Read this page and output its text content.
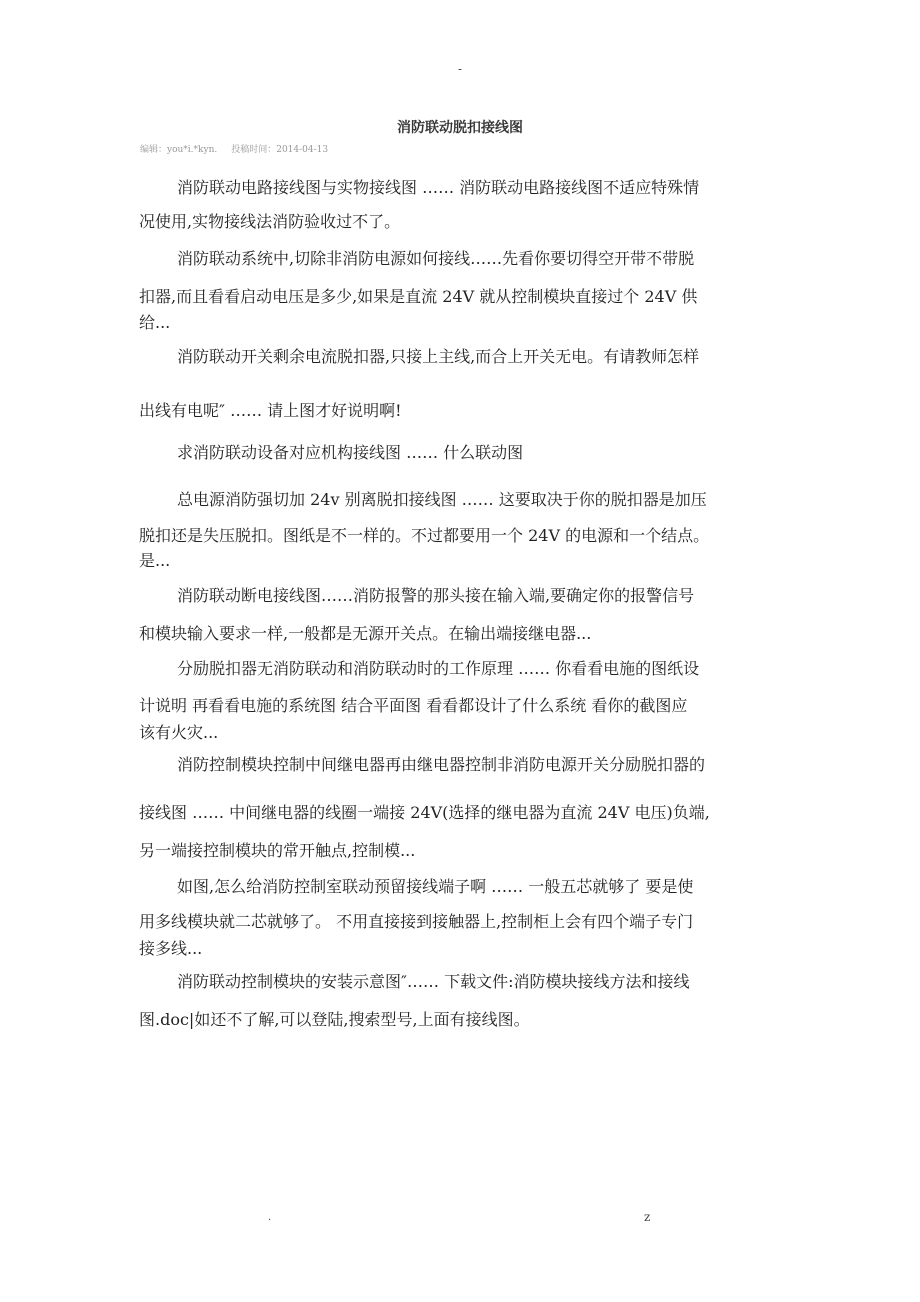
-
消防联动脱扣接线图
编辑：you*i.*kyn. 投稿时间：2014-04-13
消防联动电路接线图与实物接线图 …… 消防联动电路接线图不适应特殊情
况使用,实物接线法消防验收过不了。
消防联动系统中,切除非消防电源如何接线……先看你要切得空开带不带脱
扣器,而且看看启动电压是多少,如果是直流 24V 就从控制模块直接过个 24V 供
给...
消防联动开关剩余电流脱扣器,只接上主线,而合上开关无电。有请教师怎样
出线有电呢″ …… 请上图才好说明啊!
求消防联动设备对应机构接线图 …… 什么联动图
总电源消防强切加 24v 别离脱扣接线图 …… 这要取决于你的脱扣器是加压
脱扣还是失压脱扣。图纸是不一样的。不过都要用一个 24V 的电源和一个结点。
是...
消防联动断电接线图……消防报警的那头接在输入端,要确定你的报警信号
和模块输入要求一样,一般都是无源开关点。在输出端接继电器...
分励脱扣器无消防联动和消防联动时的工作原理 …… 你看看电施的图纸设
计说明 再看看电施的系统图 结合平面图 看看都设计了什么系统 看你的截图应
该有火灾...
消防控制模块控制中间继电器再由继电器控制非消防电源开关分励脱扣器的
接线图 …… 中间继电器的线圈一端接 24V(选择的继电器为直流 24V 电压)负端,
另一端接控制模块的常开触点,控制模...
如图,怎么给消防控制室联动预留接线端子啊 …… 一般五芯就够了 要是使
用多线模块就二芯就够了。 不用直接接到接触器上,控制柜上会有四个端子专门
接多线...
消防联动控制模块的安装示意图″…… 下载文件:消防模块接线方法和接线
图.doc|如还不了解,可以登陆,搜索型号,上面有接线图。
.	z
